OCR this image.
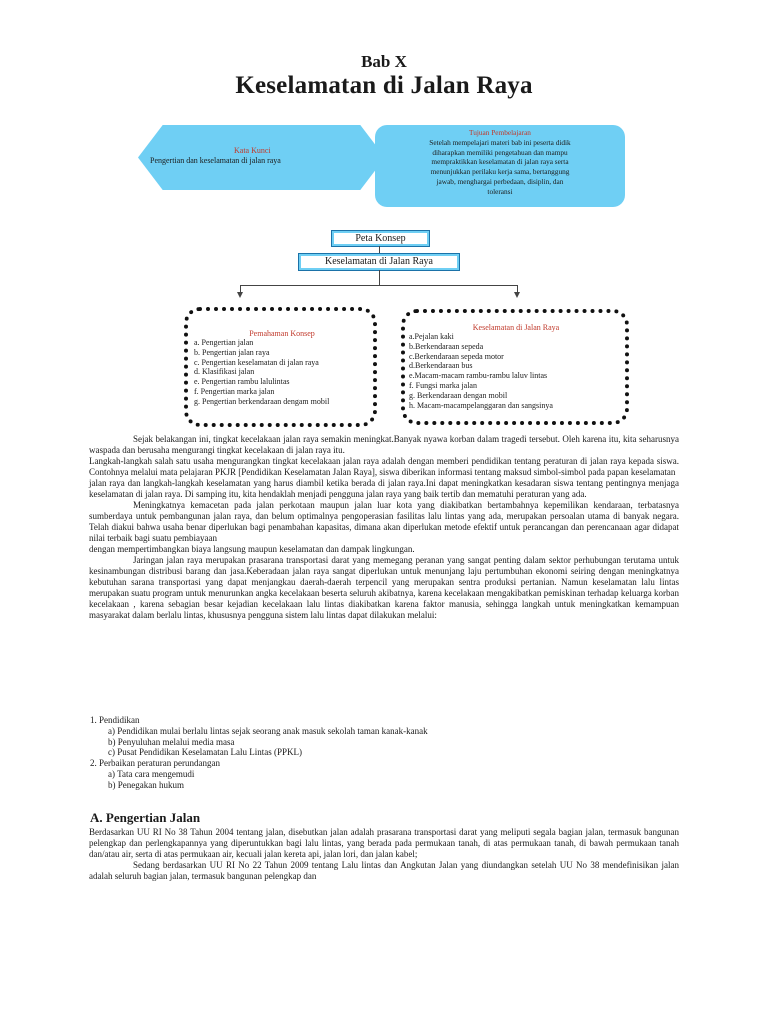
Bab X
Keselamatan di Jalan Raya
Kata Kunci
Pengertian dan keselamatan di jalan raya
Tujuan Pembelajaran
Setelah mempelajari materi bab ini peserta didik
diharapkan memiliki pengetahuan dan mampu
mempraktikkan keselamatan di jalan raya serta
menunjukkan perilaku kerja sama, bertanggung
jawab, menghargai perbedaan, disiplin, dan
toleransi
Peta Konsep
Keselamatan di Jalan Raya
Pemahaman Konsep
a. Pengertian jalan
b. Pengertian jalan raya
c. Pengertian keselamatan di jalan raya
d. Klasifikasi jalan
e. Pengertian rambu lalulintas
f. Pengertian marka jalan
g. Pengertian berkendaraan dengam mobil
Keselamatan di Jalan Raya
a.Pejalan kaki
b.Berkendaraan sepeda
c.Berkendaraan sepeda motor
d.Berkendaraan bus
e.Macam-macam rambu-rambu laluv lintas
f. Fungsi marka jalan
g. Berkendaraan dengan mobil
h. Macam-macampelanggaran dan sangsinya

Sejak belakangan ini, tingkat kecelakaan jalan raya semakin meningkat.Banyak nyawa korban dalam tragedi tersebut. Oleh karena itu, kita seharusnya waspada dan berusaha mengurangi tingkat kecelakaan di jalan raya itu.

Langkah-langkah salah satu usaha mengurangkan tingkat kecelakaan jalan raya adalah dengan memberi pendidikan tentang peraturan di jalan raya kepada siswa. Contohnya melalui mata pelajaran PKJR [Pendidikan Keselamatan Jalan Raya], siswa diberikan informasi tentang maksud simbol-simbol pada papan keselamatan

jalan raya dan langkah-langkah keselamatan yang harus diambil ketika berada di jalan raya.Ini dapat meningkatkan kesadaran siswa tentang pentingnya menjaga keselamatan di jalan raya. Di samping itu, kita hendaklah menjadi pengguna jalan raya yang baik tertib dan mematuhi peraturan yang ada.

Meningkatnya kemacetan pada jalan perkotaan maupun jalan luar kota yang diakibatkan bertambahnya kepemilikan kendaraan, terbatasnya sumberdaya untuk pembangunan jalan raya, dan belum optimalnya pengoperasian fasilitas lalu lintas yang ada, merupakan persoalan utama di banyak negara. Telah diakui bahwa usaha benar diperlukan bagi penambahan kapasitas, dimana akan diperlukan metode efektif untuk perancangan dan perencanaan agar didapat nilai terbaik bagi suatu pembiayaan

dengan mempertimbangkan biaya langsung maupun keselamatan dan dampak lingkungan.

Jaringan jalan raya merupakan prasarana transportasi darat yang memegang peranan yang sangat penting dalam sektor perhubungan terutama untuk kesinambungan distribusi barang dan jasa.Keberadaan jalan raya sangat diperlukan untuk menunjang laju pertumbuhan ekonomi seiring dengan meningkatnya kebutuhan sarana transportasi yang dapat menjangkau daerah-daerah terpencil yang merupakan sentra produksi pertanian. Namun keselamatan lalu lintas merupakan suatu program untuk menurunkan angka kecelakaan beserta seluruh akibatnya, karena kecelakaan mengakibatkan pemiskinan terhadap keluarga korban kecelakaan , karena sebagian besar kejadian kecelakaan lalu lintas diakibatkan karena faktor manusia, sehingga langkah untuk meningkatkan kemampuan masyarakat dalam berlalu lintas, khususnya pengguna sistem lalu lintas dapat dilakukan melalui:

1. Pendidikan
a) Pendidikan mulai berlalu lintas sejak seorang anak masuk sekolah taman kanak-kanak
b) Penyuluhan melalui media masa
c) Pusat Pendidikan Keselamatan Lalu Lintas (PPKL)
2. Perbaikan peraturan perundangan
a) Tata cara mengemudi
b) Penegakan hukum
A. Pengertian Jalan

Berdasarkan UU RI No 38 Tahun 2004 tentang jalan, disebutkan jalan adalah prasarana transportasi darat yang meliputi segala bagian jalan, termasuk bangunan pelengkap dan perlengkapannya yang diperuntukkan bagi lalu lintas, yang berada pada permukaan tanah, di atas permukaan tanah, di bawah permukaan tanah dan/atau air, serta di atas permukaan air, kecuali jalan kereta api, jalan lori, dan jalan kabel;

Sedang berdasarkan UU RI No 22 Tahun 2009 tentang Lalu lintas dan Angkutan Jalan yang diundangkan setelah UU No 38 mendefinisikan jalan adalah seluruh bagian jalan, termasuk bangunan pelengkap dan
